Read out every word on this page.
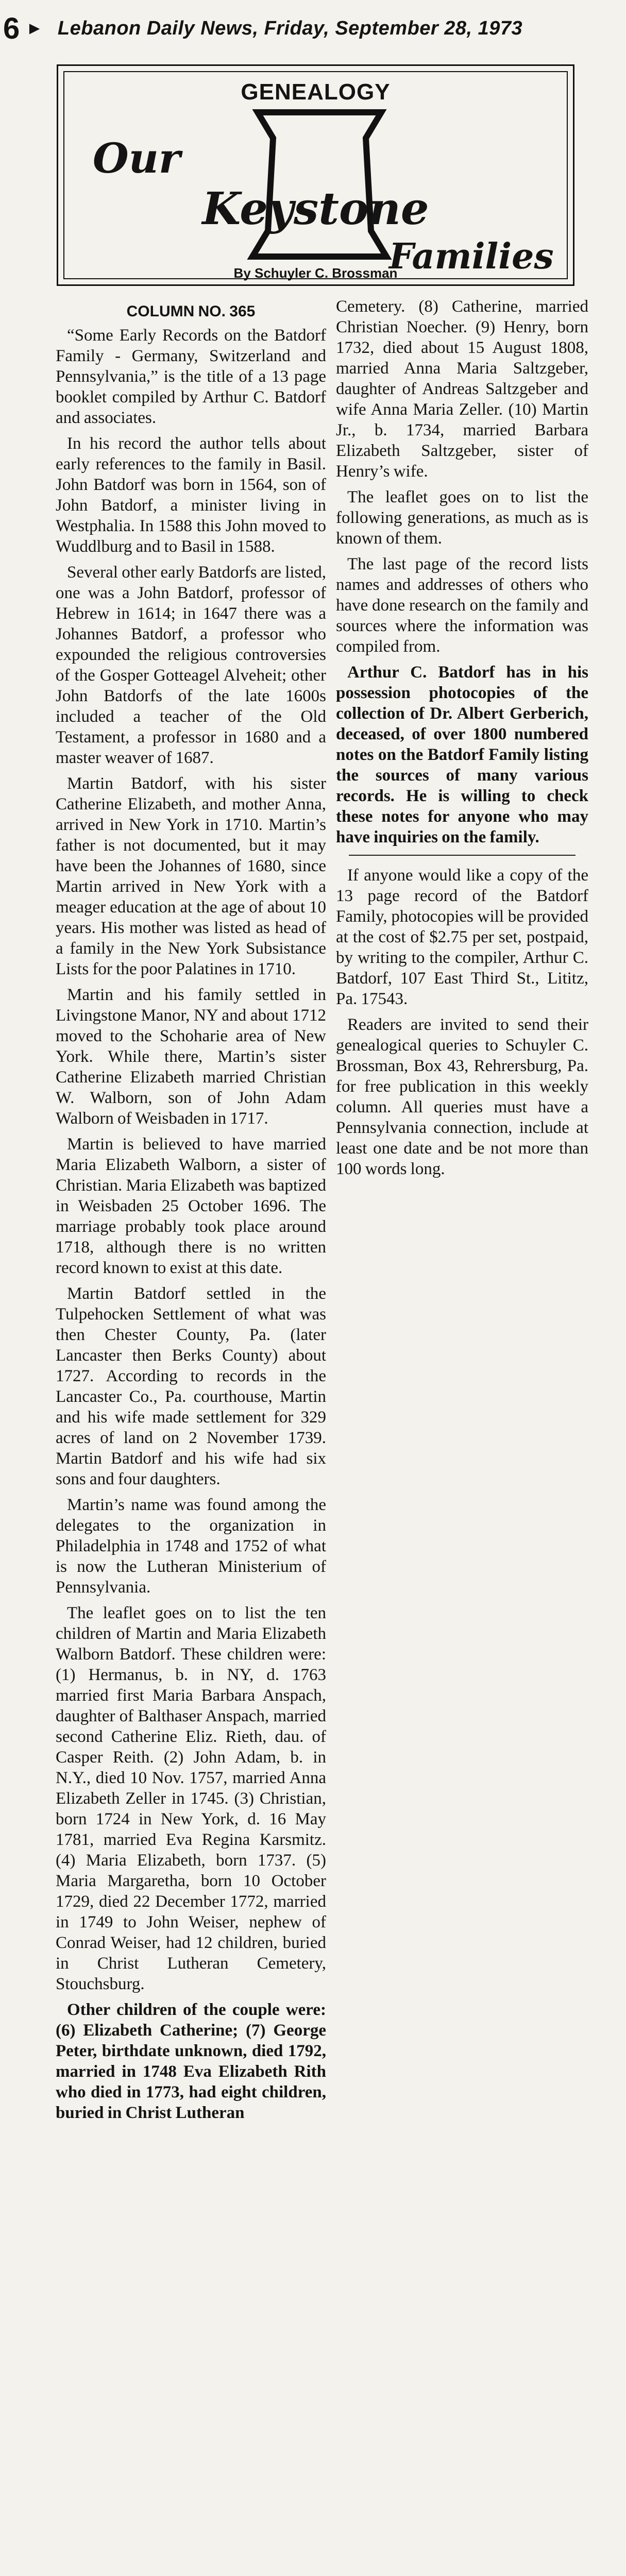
6 ► Lebanon Daily News, Friday, September 28, 1973
GENEALOGY
Our
Keystone
Families
By Schuyler C. Brossman
COLUMN NO. 365

“Some Early Records on the Batdorf Family - Germany, Switzerland and Pennsylvania,” is the title of a 13 page booklet compiled by Arthur C. Batdorf and associates.

In his record the author tells about early references to the family in Basil. John Batdorf was born in 1564, son of John Batdorf, a minister living in Westphalia. In 1588 this John moved to Wuddlburg and to Basil in 1588.

Several other early Batdorfs are listed, one was a John Batdorf, professor of Hebrew in 1614; in 1647 there was a Johannes Batdorf, a professor who expounded the religious controversies of the Gosper Gotteagel Alveheit; other John Batdorfs of the late 1600s included a teacher of the Old Testament, a professor in 1680 and a master weaver of 1687.

Martin Batdorf, with his sister Catherine Elizabeth, and mother Anna, arrived in New York in 1710. Martin’s father is not documented, but it may have been the Johannes of 1680, since Martin arrived in New York with a meager education at the age of about 10 years. His mother was listed as head of a family in the New York Subsistance Lists for the poor Palatines in 1710.

Martin and his family settled in Livingstone Manor, NY and about 1712 moved to the Schoharie area of New York. While there, Martin’s sister Catherine Elizabeth married Christian W. Walborn, son of John Adam Walborn of Weisbaden in 1717.

Martin is believed to have married Maria Elizabeth Walborn, a sister of Christian. Maria Elizabeth was baptized in Weisbaden 25 October 1696. The marriage probably took place around 1718, although there is no written record known to exist at this date.

Martin Batdorf settled in the Tulpehocken Settlement of what was then Chester County, Pa. (later Lancaster then Berks County) about 1727. According to records in the Lancaster Co., Pa. courthouse, Martin and his wife made settlement for 329 acres of land on 2 November 1739. Martin Batdorf and his wife had six sons and four daughters.

Martin’s name was found among the delegates to the organization in Philadelphia in 1748 and 1752 of what is now the Lutheran Ministerium of Pennsylvania.

The leaflet goes on to list the ten children of Martin and Maria Elizabeth Walborn Batdorf. These children were: (1) Hermanus, b. in NY, d. 1763 married first Maria Barbara Anspach, daughter of Balthaser Anspach, married second Catherine Eliz. Rieth, dau. of Casper Reith. (2) John Adam, b. in N.Y., died 10 Nov. 1757, married Anna Elizabeth Zeller in 1745. (3) Christian, born 1724 in New York, d. 16 May 1781, married Eva Regina Karsmitz. (4) Maria Elizabeth, born 1737. (5) Maria Margaretha, born 10 October 1729, died 22 December 1772, married in 1749 to John Weiser, nephew of Conrad Weiser, had 12 children, buried in Christ Lutheran Cemetery, Stouchsburg.

Other children of the couple were: (6) Elizabeth Catherine; (7) George Peter, birthdate unknown, died 1792, married in 1748 Eva Elizabeth Rith who died in 1773, had eight children, buried in Christ Lutheran

Cemetery. (8) Catherine, married Christian Noecher. (9) Henry, born 1732, died about 15 August 1808, married Anna Maria Saltzgeber, daughter of Andreas Saltzgeber and wife Anna Maria Zeller. (10) Martin Jr., b. 1734, married Barbara Elizabeth Saltzgeber, sister of Henry’s wife.

The leaflet goes on to list the following generations, as much as is known of them.

The last page of the record lists names and addresses of others who have done research on the family and sources where the information was compiled from.

Arthur C. Batdorf has in his possession photocopies of the collection of Dr. Albert Gerberich, deceased, of over 1800 numbered notes on the Batdorf Family listing the sources of many various records. He is willing to check these notes for anyone who may have inquiries on the family.

If anyone would like a copy of the 13 page record of the Batdorf Family, photocopies will be provided at the cost of $2.75 per set, postpaid, by writing to the compiler, Arthur C. Batdorf, 107 East Third St., Lititz, Pa. 17543.

Readers are invited to send their genealogical queries to Schuyler C. Brossman, Box 43, Rehrersburg, Pa. for free publication in this weekly column. All queries must have a Pennsylvania connection, include at least one date and be not more than 100 words long.
